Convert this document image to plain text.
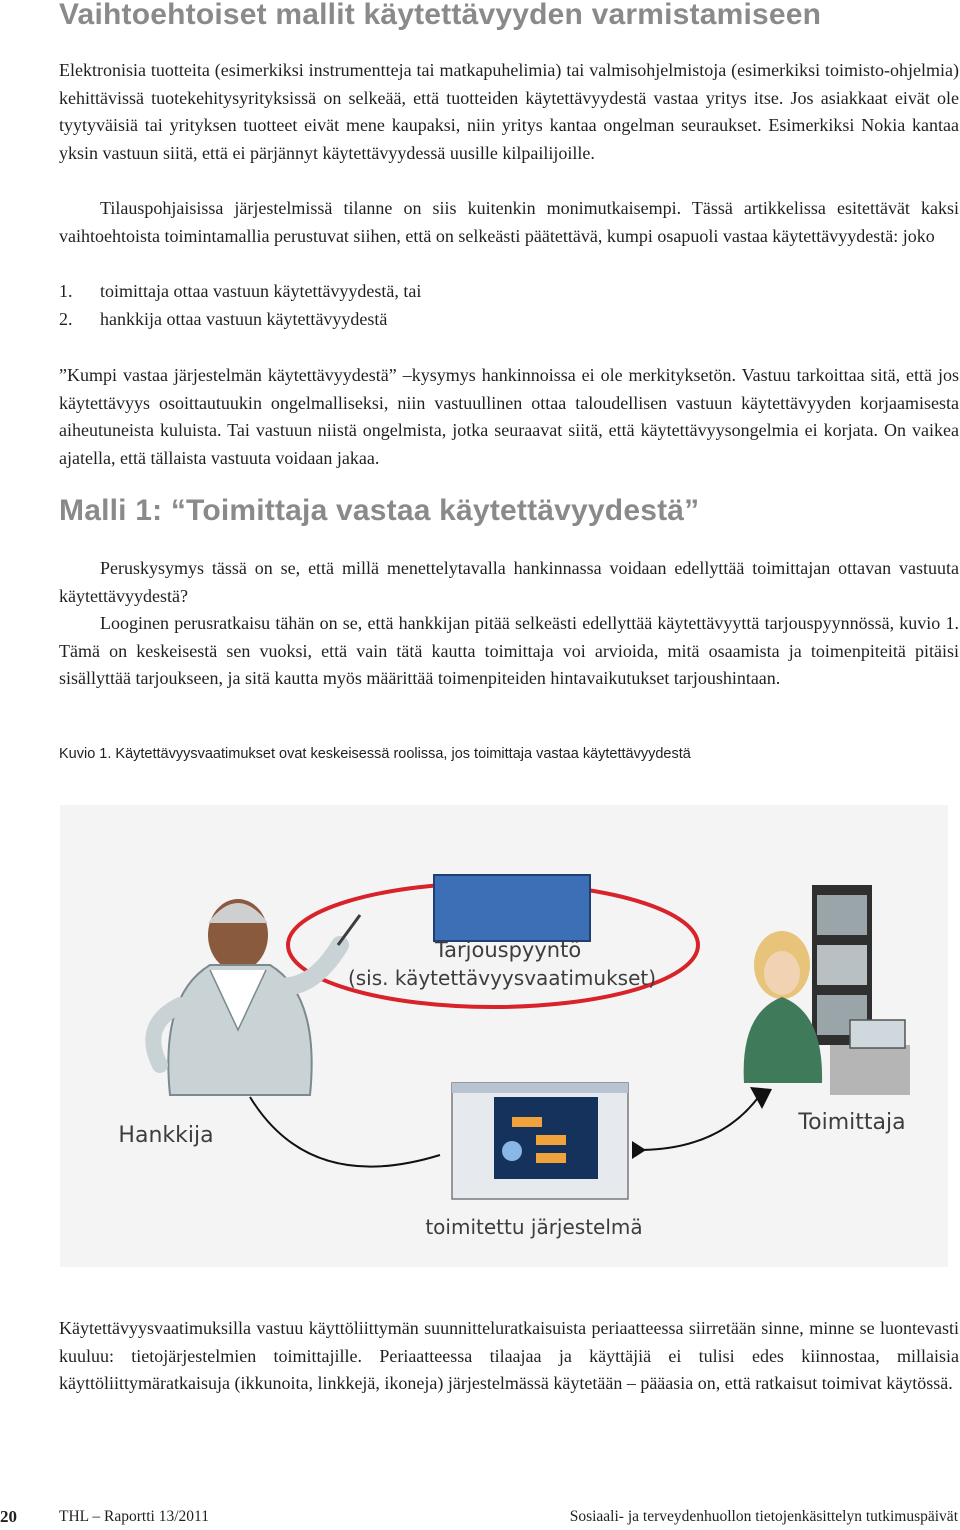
Vaihtoehtoiset mallit käytettävyyden varmistamiseen

Elektronisia tuotteita (esimerkiksi instrumentteja tai matkapuhelimia) tai valmisohjelmistoja (esimerkiksi toimisto-ohjelmia) kehittävissä tuotekehitysyrityksissä on selkeää, että tuotteiden käytettävyydestä vastaa yritys itse. Jos asiakkaat eivät ole tyytyväisiä tai yrityksen tuotteet eivät mene kaupaksi, niin yritys kantaa ongelman seuraukset. Esimerkiksi Nokia kantaa yksin vastuun siitä, että ei pärjännyt käytettävyydessä uusille kilpailijoille.

Tilauspohjaisissa järjestelmissä tilanne on siis kuitenkin monimutkaisempi. Tässä artikkelissa esitettävät kaksi vaihtoehtoista toimintamallia perustuvat siihen, että on selkeästi päätettävä, kumpi osapuoli vastaa käytettävyydestä: joko

1. toimittaja ottaa vastuun käytettävyydestä, tai
2. hankkija ottaa vastuun käytettävyydestä

”Kumpi vastaa järjestelmän käytettävyydestä” –kysymys hankinnoissa ei ole merkityksetön. Vastuu tarkoittaa sitä, että jos käytettävyys osoittautuukin ongelmalliseksi, niin vastuullinen ottaa taloudellisen vastuun käytettävyyden korjaamisesta aiheutuneista kuluista. Tai vastuun niistä ongelmista, jotka seuraavat siitä, että käytettävyysongelmia ei korjata. On vaikea ajatella, että tällaista vastuuta voidaan jakaa.

Malli 1: “Toimittaja vastaa käytettävyydestä”

Peruskysymys tässä on se, että millä menettelytavalla hankinnassa voidaan edellyttää toimittajan ottavan vastuuta käytettävyydestä?

Looginen perusratkaisu tähän on se, että hankkijan pitää selkeästi edellyttää käytettävyyttä tarjouspyynnössä, kuvio 1. Tämä on keskeisestä sen vuoksi, että vain tätä kautta toimittaja voi arvioida, mitä osaamista ja toimenpiteitä pitäisi sisällyttää tarjoukseen, ja sitä kautta myös määrittää toimenpiteiden hintavaikutukset tarjoushintaan.

Kuvio 1. Käytettävyysvaatimukset ovat keskeisessä roolissa, jos toimittaja vastaa käytettävyydestä
Tarjouspyyntö
(sis. käytettävyysvaatimukset)
toimitettu järjestelmä
Hankkija
Toimittaja

Käytettävyysvaatimuksilla vastuu käyttöliittymän suunnitteluratkaisuista periaatteessa siirretään sinne, minne se luontevasti kuuluu: tietojärjestelmien toimittajille. Periaatteessa tilaajaa ja käyttäjiä ei tulisi edes kiinnostaa, millaisia käyttöliittymäratkaisuja (ikkunoita, linkkejä, ikoneja) järjestelmässä käytetään – pääasia on, että ratkaisut toimivat käytössä.

20	THL – Raportti 13/2011	Sosiaali- ja terveydenhuollon tietojenkäsittelyn tutkimuspäivät
